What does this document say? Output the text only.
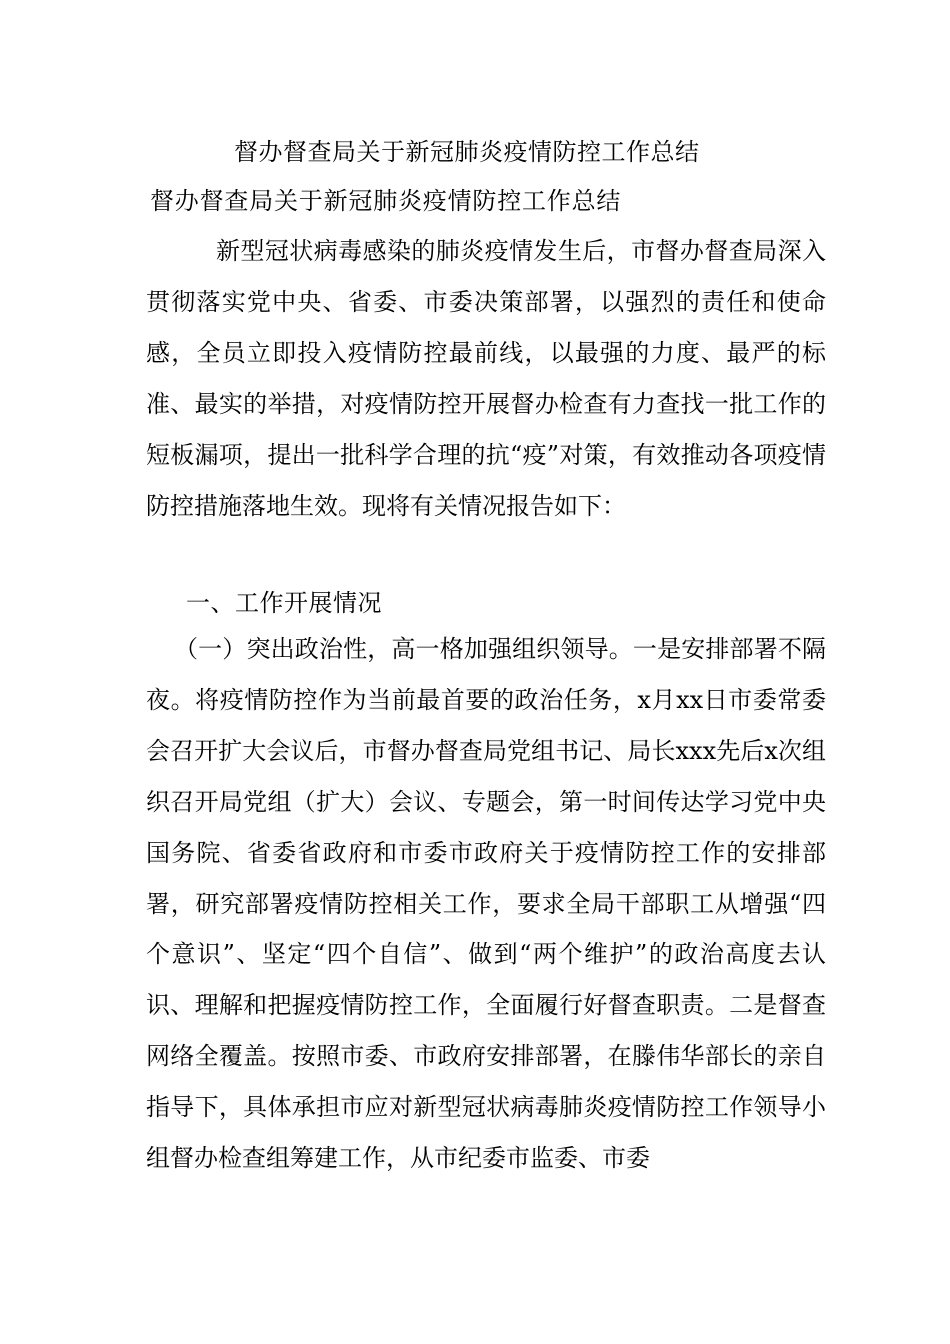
督办督查局关于新冠肺炎疫情防控工作总结
督办督查局关于新冠肺炎疫情防控工作总结

新型冠状病毒感染的肺炎疫情发生后，市督办督查局深入贯彻落实党中央、省委、市委决策部署，以强烈的责任和使命感，全员立即投入疫情防控最前线，以最强的力度、最严的标准、最实的举措，对疫情防控开展督办检查有力查找一批工作的短板漏项，提出一批科学合理的抗“疫”对策，有效推动各项疫情防控措施落地生效。现将有关情况报告如下：

一、工作开展情况

（一）突出政治性，高一格加强组织领导。一是安排部署不隔夜。将疫情防控作为当前最首要的政治任务，x月xx日市委常委会召开扩大会议后，市督办督查局党组书记、局长xxx先后x次组织召开局党组（扩大）会议、专题会，第一时间传达学习党中央国务院、省委省政府和市委市政府关于疫情防控工作的安排部署，研究部署疫情防控相关工作，要求全局干部职工从增强“四个意识”、坚定“四个自信”、做到“两个维护”的政治高度去认识、理解和把握疫情防控工作，全面履行好督查职责。二是督查网络全覆盖。按照市委、市政府安排部署，在滕伟华部长的亲自指导下，具体承担市应对新型冠状病毒肺炎疫情防控工作领导小组督办检查组筹建工作，从市纪委市监委、市委
